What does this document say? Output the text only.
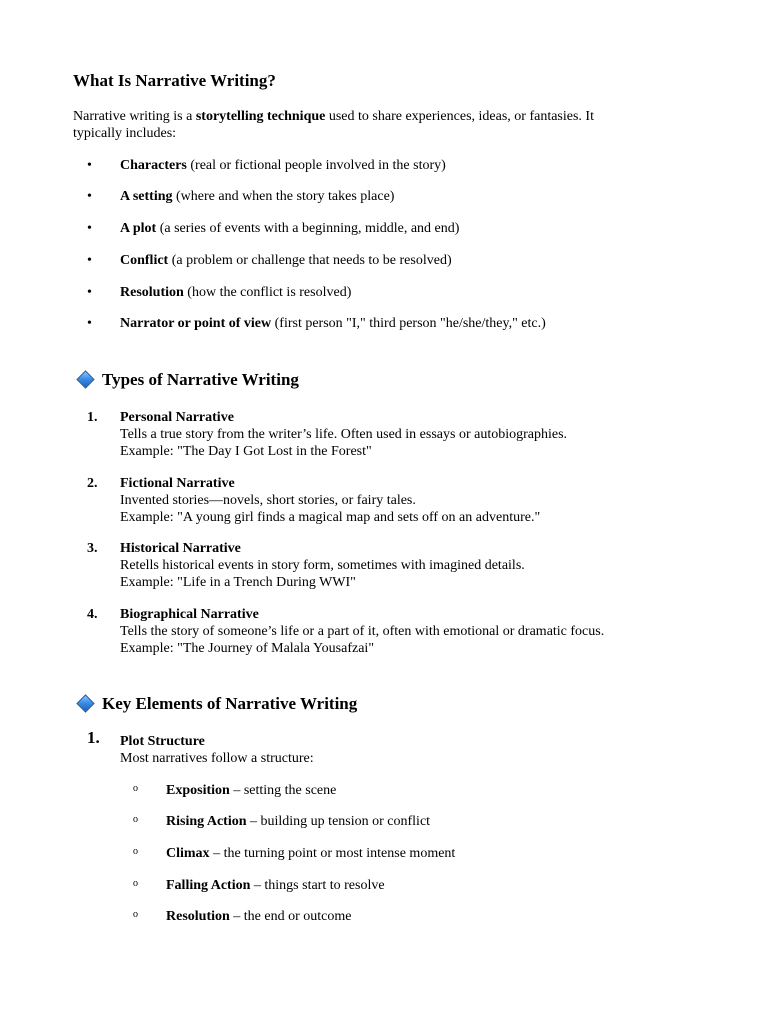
What Is Narrative Writing?
Narrative writing is a storytelling technique used to share experiences, ideas, or fantasies. It
typically includes:
• Characters (real or fictional people involved in the story)
• A setting (where and when the story takes place)
• A plot (a series of events with a beginning, middle, and end)
• Conflict (a problem or challenge that needs to be resolved)
• Resolution (how the conflict is resolved)
• Narrator or point of view (first person "I," third person "he/she/they," etc.)
Types of Narrative Writing
1. Personal Narrative
Tells a true story from the writer’s life. Often used in essays or autobiographies.
Example: "The Day I Got Lost in the Forest"
2. Fictional Narrative
Invented stories—novels, short stories, or fairy tales.
Example: "A young girl finds a magical map and sets off on an adventure."
3. Historical Narrative
Retells historical events in story form, sometimes with imagined details.
Example: "Life in a Trench During WWI"
4. Biographical Narrative
Tells the story of someone’s life or a part of it, often with emotional or dramatic focus.
Example: "The Journey of Malala Yousafzai"
Key Elements of Narrative Writing
1. Plot Structure
Most narratives follow a structure:
o Exposition – setting the scene
o Rising Action – building up tension or conflict
o Climax – the turning point or most intense moment
o Falling Action – things start to resolve
o Resolution – the end or outcome
